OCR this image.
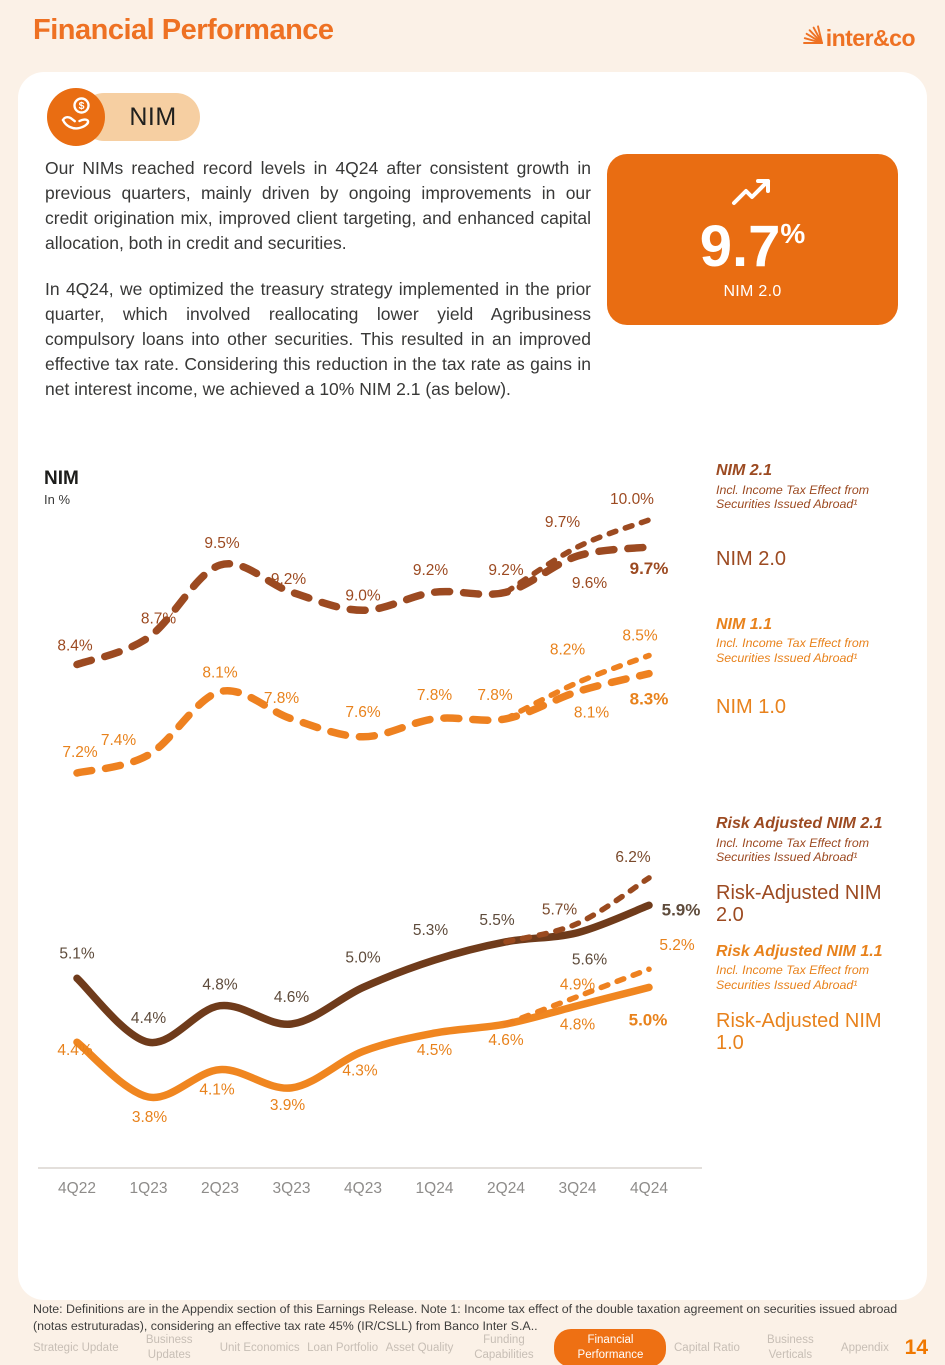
Financial Performance	inter&co
NIM
$

Our NIMs reached record levels in 4Q24 after consistent growth in previous quarters, mainly driven by ongoing improvements in our credit origination mix, improved client targeting, and enhanced capital allocation, both in credit and securities.

In 4Q24, we optimized the treasury strategy implemented in the prior quarter, which involved reallocating lower yield Agribusiness compulsory loans into other securities. This resulted in an improved effective tax rate. Considering this reduction in the tax rate as gains in net interest income, we achieved a 10% NIM 2.1 (as below).

9.7 %
NIM 2.0
NIM
In %
4Q22 1Q23 2Q23 3Q23 4Q23 1Q24 2Q24 3Q24 4Q24
8.4%
8.7%
9.5%
9.2%
9.0%
9.2%	9.2%
9.6%
9.7%
9.7%
10.0%
7.2%
7.4%
8.1%
7.8%
7.6%
7.8% 7.8%
8.1%
8.3%
8.2%
8.5%
5.1%
4.4%
4.8%
4.6%
5.0%
5.3%
5.5%
5.6%
5.9%
5.7%
6.2%
4.4%
3.8%
4.1%
3.9%
4.3%
4.5%
4.6%
4.8% 5.0%
4.9%
5.2%
NIM 2.1
Incl. Income Tax Effect from Securities Issued Abroad¹
NIM 2.0
NIM 1.1
Incl. Income Tax Effect from Securities Issued Abroad¹
NIM 1.0
Risk Adjusted NIM 2.1
Incl. Income Tax Effect from Securities Issued Abroad¹
Risk-Adjusted NIM 2.0
Risk Adjusted NIM 1.1
Incl. Income Tax Effect from Securities Issued Abroad¹
Risk-Adjusted NIM 1.0

Note: Definitions are in the Appendix section of this Earnings Release. Note 1: Income tax effect of the double taxation agreement on securities issued abroad (notas estruturadas), considering an effective tax rate 45% (IR/CSLL) from Banco Inter S.A..

Strategic Update
Business Updates
Unit Economics Loan Portfolio Asset Quality
Funding Capabilities
Financial Performance
Capital Ratio
Business Verticals
Appendix 14
